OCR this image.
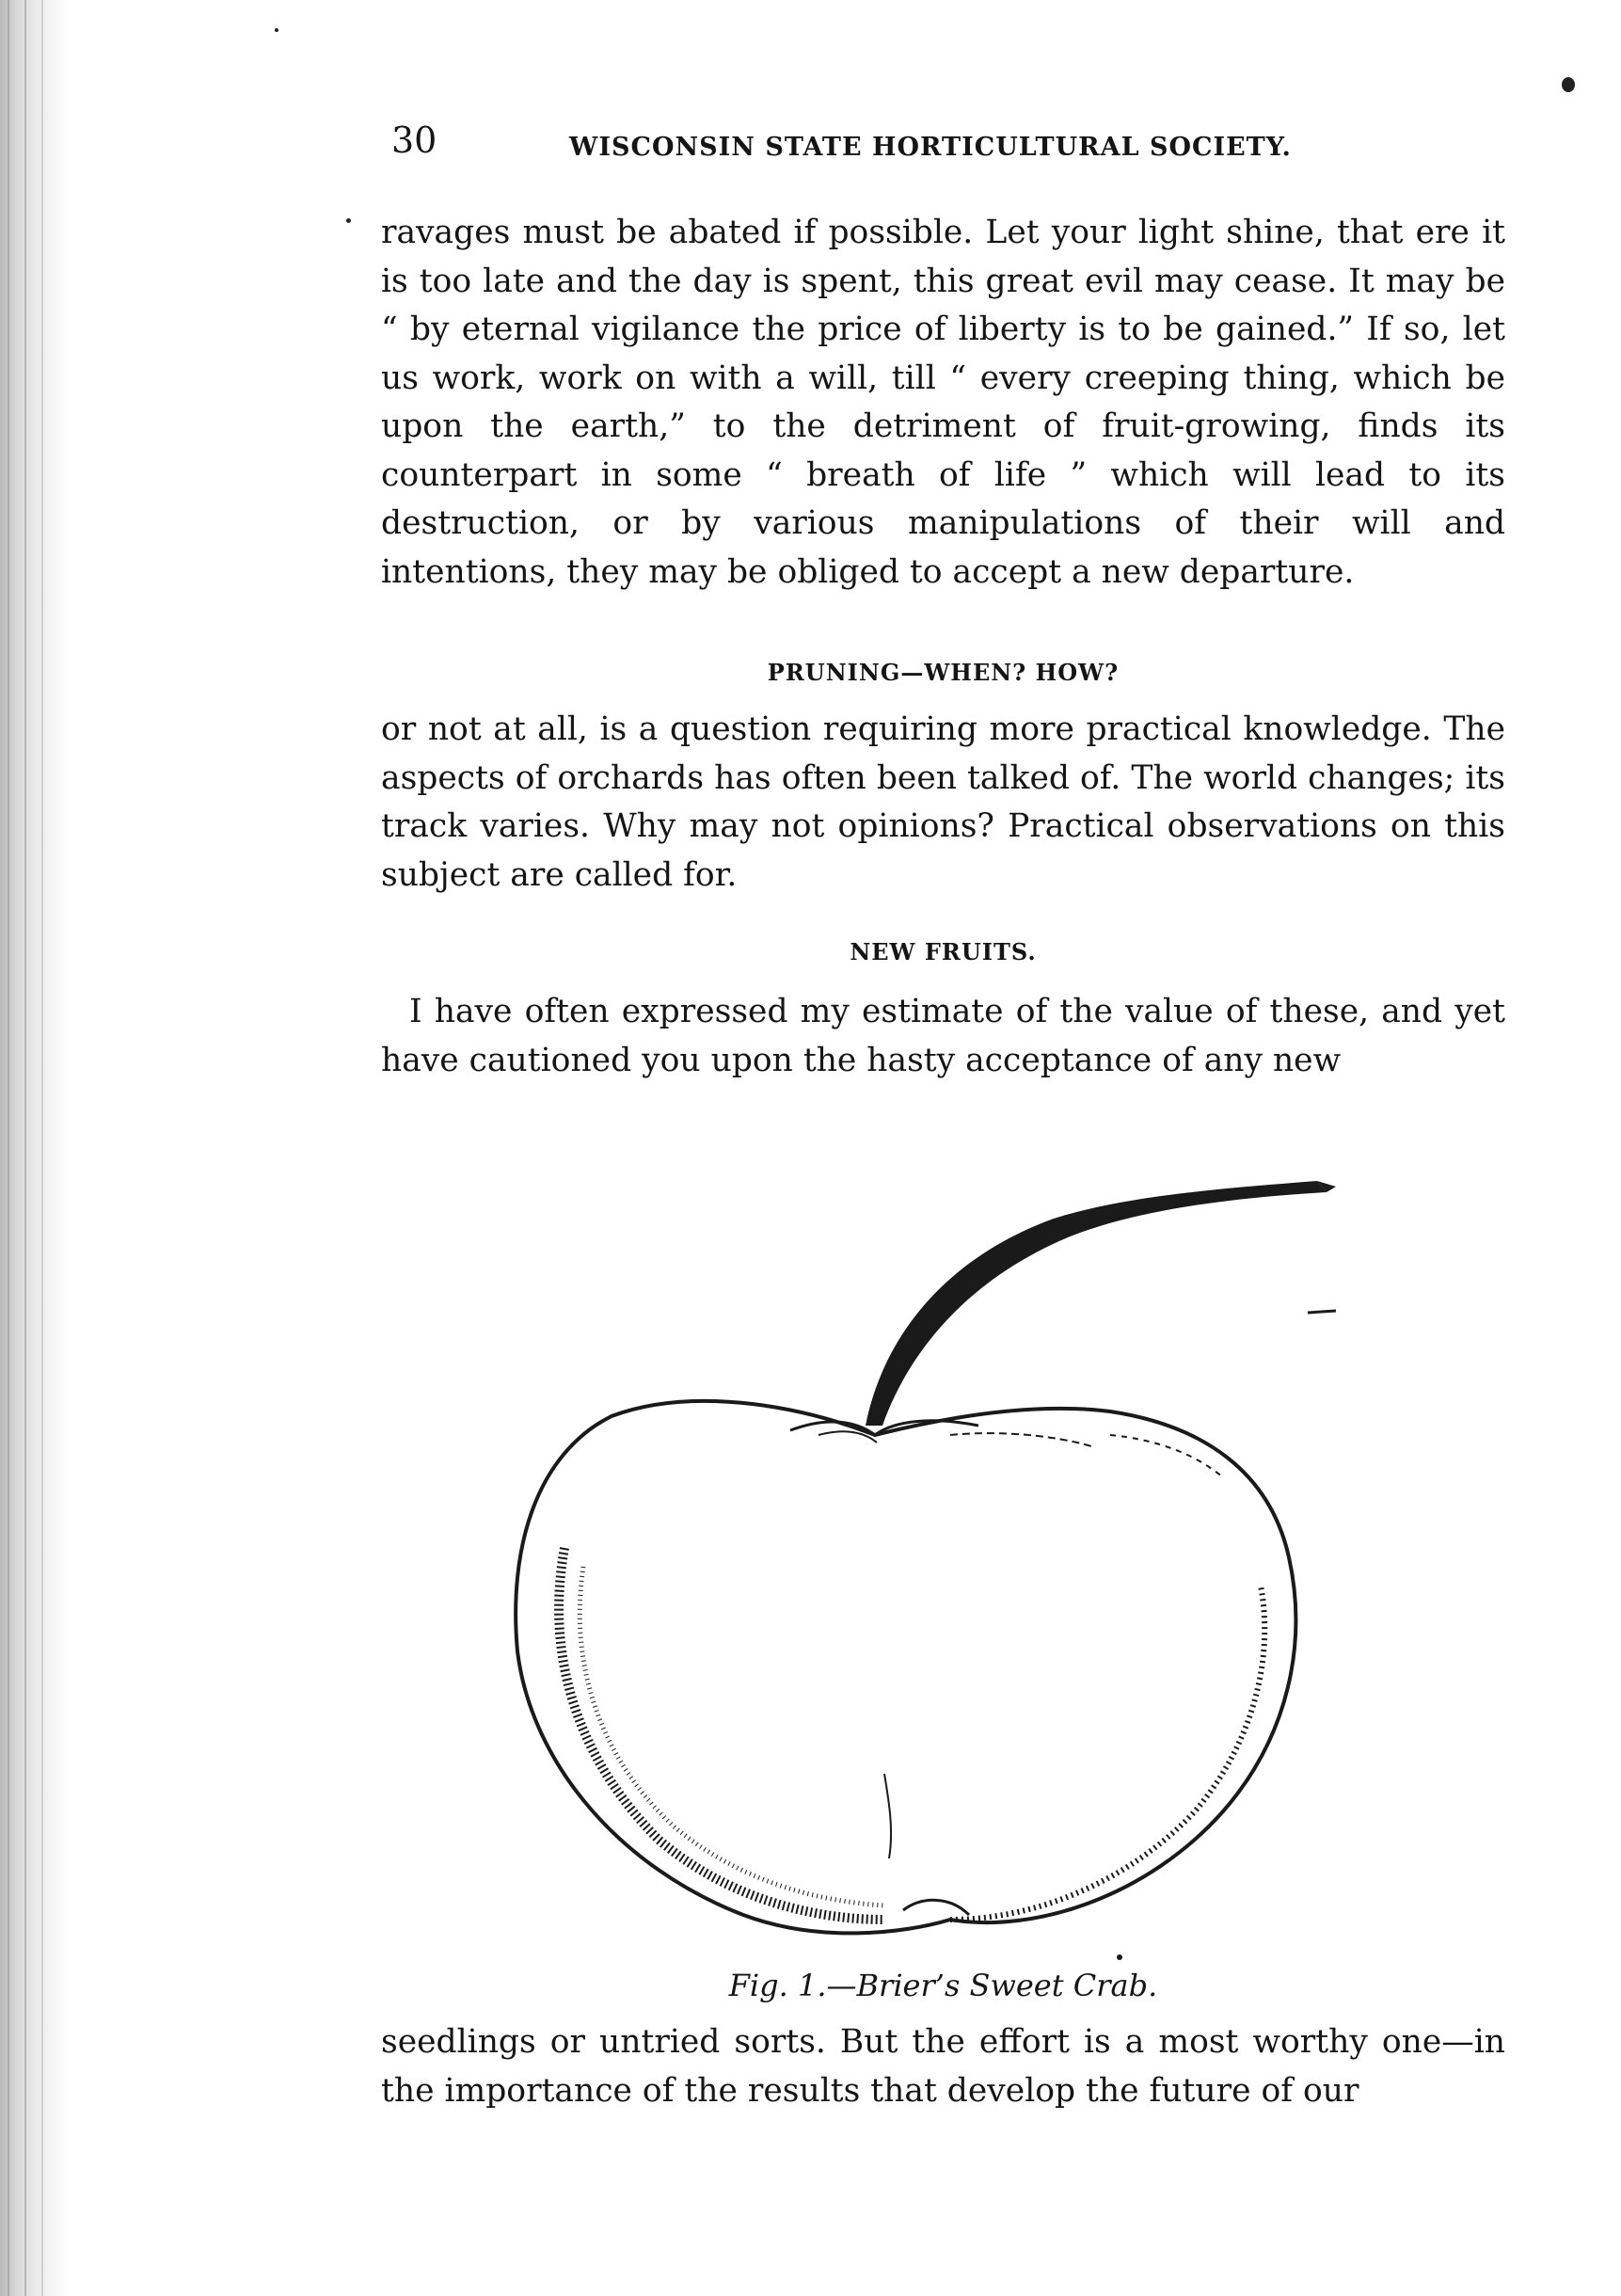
30	WISCONSIN STATE HORTICULTURAL SOCIETY.

ravages must be abated if possible. Let your light shine, that ere it is too late and the day is spent, this great evil may cease. It may be “ by eternal vigilance the price of liberty is to be gained.” If so, let us work, work on with a will, till “ every creeping thing, which be upon the earth,” to the detriment of fruit-growing, finds its counterpart in some “ breath of life ” which will lead to its destruction, or by various manipulations of their will and intentions, they may be obliged to accept a new departure.

PRUNING—WHEN? HOW?

or not at all, is a question requiring more practical knowledge. The aspects of orchards has often been talked of. The world changes; its track varies. Why may not opinions? Practical observations on this subject are called for.

NEW FRUITS.

I have often expressed my estimate of the value of these, and yet have cautioned you upon the hasty acceptance of any new

Fig. 1.—Brier’s Sweet Crab.

seedlings or untried sorts. But the effort is a most worthy one—in the importance of the results that develop the future of our
